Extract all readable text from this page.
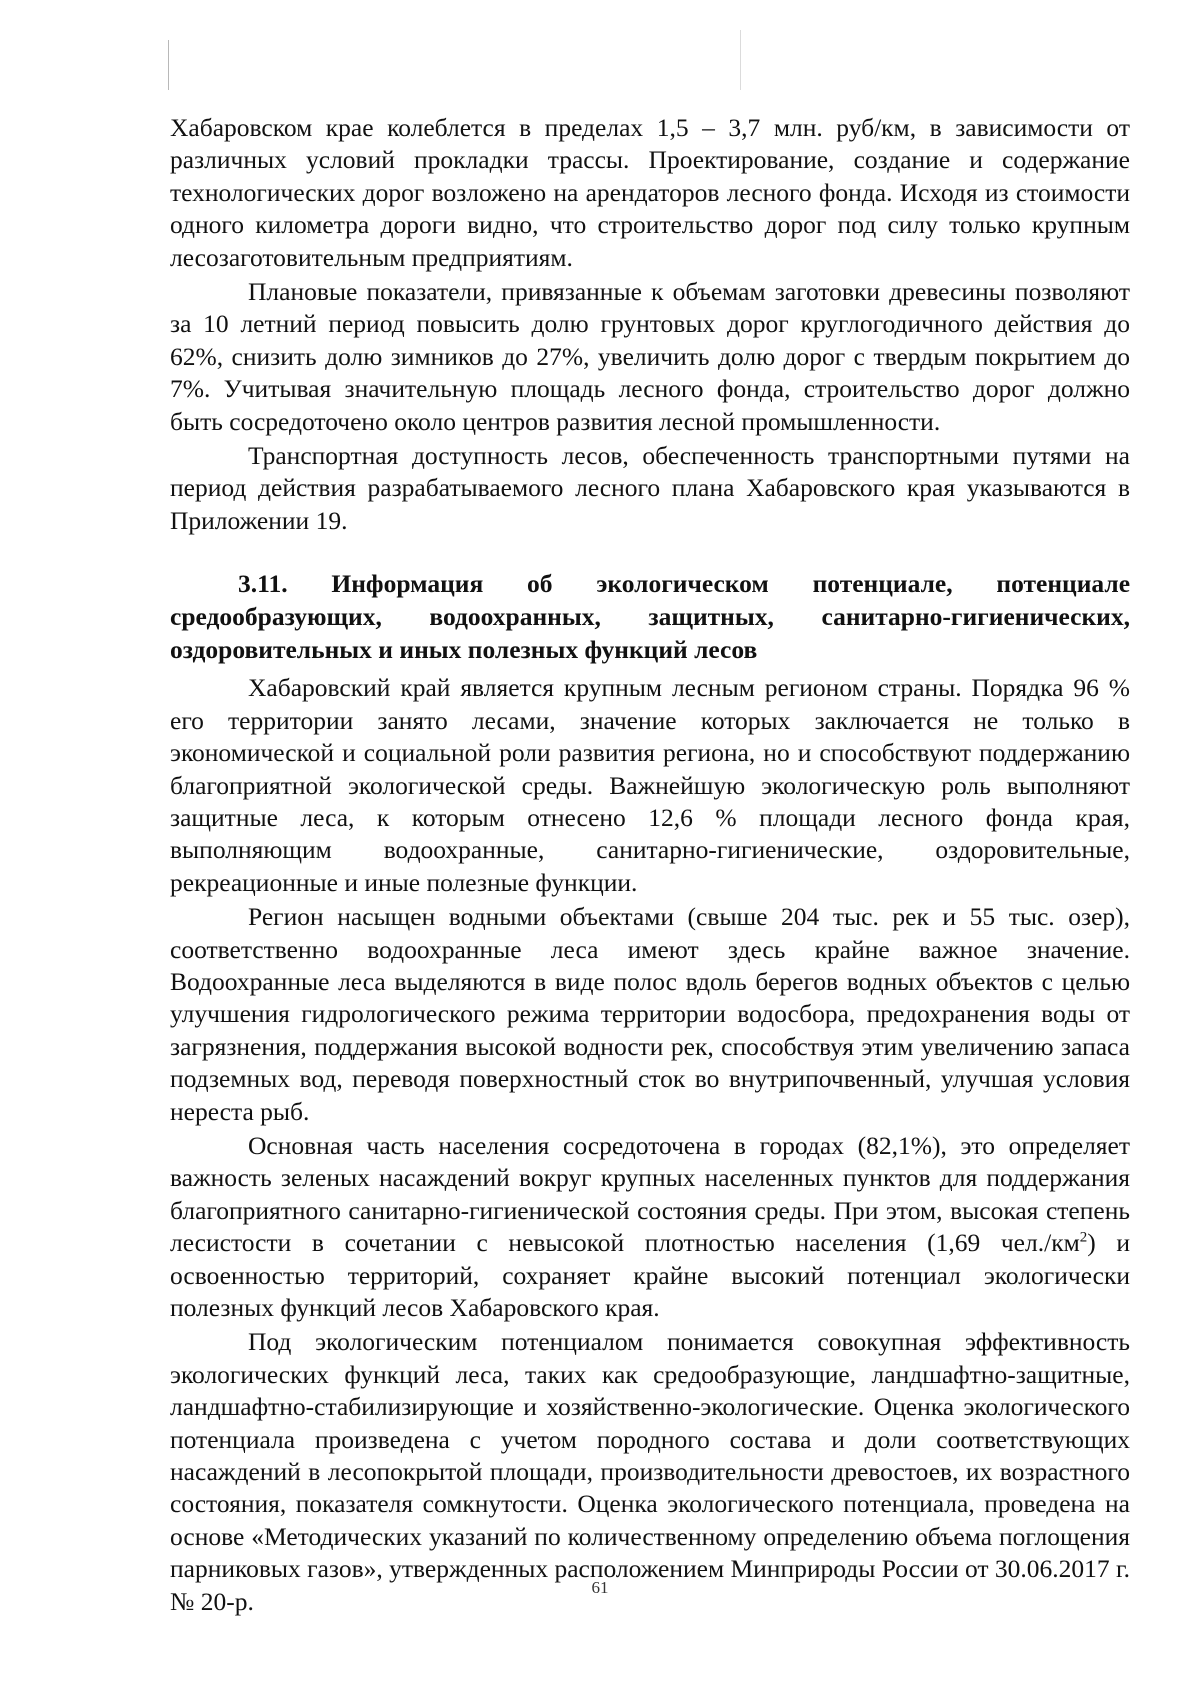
Хабаровском крае колеблется в пределах 1,5 – 3,7 млн. руб/км, в зависимости от различных условий прокладки трассы. Проектирование, создание и содержание технологических дорог возложено на арендаторов лесного фонда. Исходя из стоимости одного километра дороги видно, что строительство дорог под силу только крупным лесозаготовительным предприятиям.

Плановые показатели, привязанные к объемам заготовки древесины позволяют за 10 летний период повысить долю грунтовых дорог круглогодичного действия до 62%, снизить долю зимников до 27%, увеличить долю дорог с твердым покрытием до 7%. Учитывая значительную площадь лесного фонда, строительство дорог должно быть сосредоточено около центров развития лесной промышленности.

Транспортная доступность лесов, обеспеченность транспортными путями на период действия разрабатываемого лесного плана Хабаровского края указываются в Приложении 19.

3.11. Информация об экологическом потенциале, потенциале средообразующих, водоохранных, защитных, санитарно-гигиенических, оздоровительных и иных полезных функций лесов

Хабаровский край является крупным лесным регионом страны. Порядка 96 % его территории занято лесами, значение которых заключается не только в экономической и социальной роли развития региона, но и способствуют поддержанию благоприятной экологической среды. Важнейшую экологическую роль выполняют защитные леса, к которым отнесено 12,6 % площади лесного фонда края, выполняющим водоохранные, санитарно-гигиенические, оздоровительные, рекреационные и иные полезные функции.

Регион насыщен водными объектами (свыше 204 тыс. рек и 55 тыс. озер), соответственно водоохранные леса имеют здесь крайне важное значение. Водоохранные леса выделяются в виде полос вдоль берегов водных объектов с целью улучшения гидрологического режима территории водосбора, предохранения воды от загрязнения, поддержания высокой водности рек, способствуя этим увеличению запаса подземных вод, переводя поверхностный сток во внутрипочвенный, улучшая условия нереста рыб.

Основная часть населения сосредоточена в городах (82,1%), это определяет важность зеленых насаждений вокруг крупных населенных пунктов для поддержания благоприятного санитарно-гигиенической состояния среды. При этом, высокая степень лесистости в сочетании с невысокой плотностью населения (1,69 $чел./км^2$) и освоенностью территорий, сохраняет крайне высокий потенциал экологически полезных функций лесов Хабаровского края.

Под экологическим потенциалом понимается совокупная эффективность экологических функций леса, таких как средообразующие, ландшафтно-защитные, ландшафтно-стабилизирующие и хозяйственно-экологические. Оценка экологического потенциала произведена с учетом породного состава и доли соответствующих насаждений в лесопокрытой площади, производительности древостоев, их возрастного состояния, показателя сомкнутости. Оценка экологического потенциала, проведена на основе «Методических указаний по количественному определению объема поглощения парниковых газов», утвержденных расположением Минприроды России от 30.06.2017 г. № 20-р.	61
